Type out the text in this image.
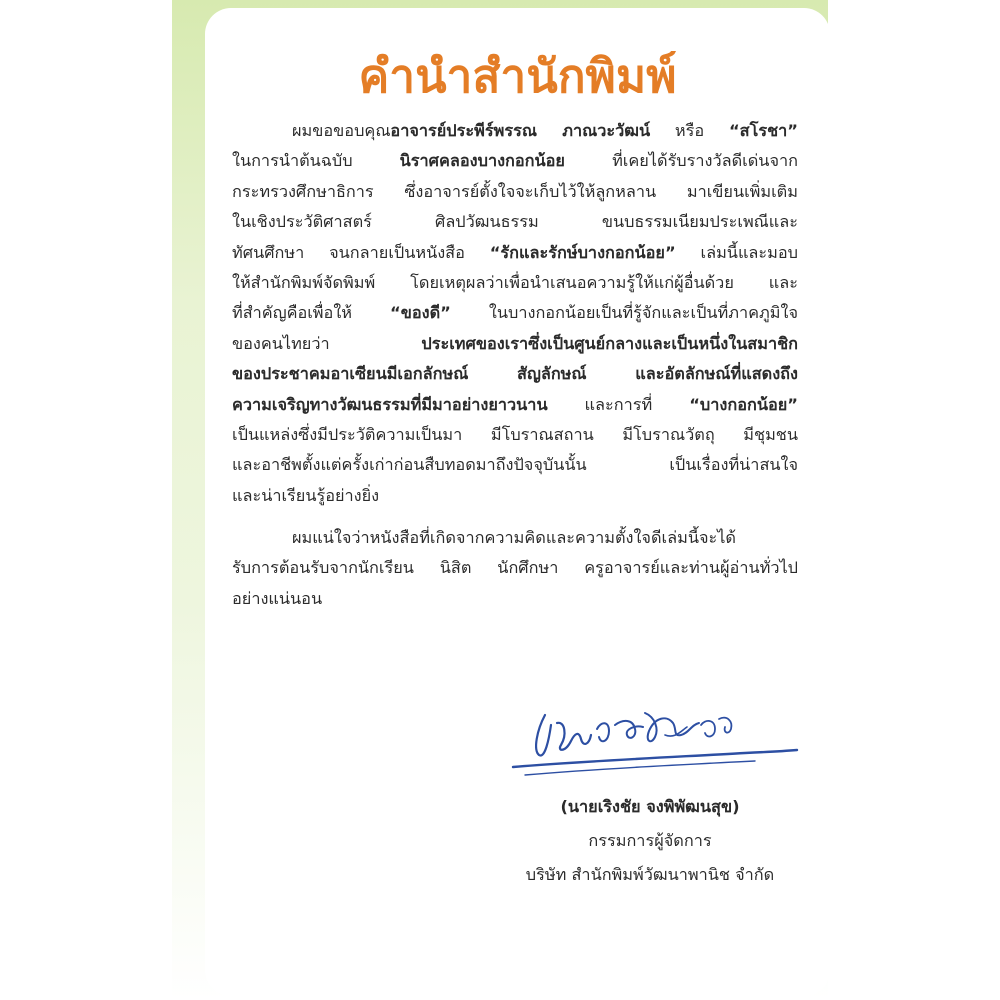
คำนำสำนักพิมพ์
ผมขอขอบคุณอาจารย์ประพีร์พรรณ ภาณวะวัฒน์ หรือ “สโรชา”
ในการนำต้นฉบับ นิราศคลองบางกอกน้อย ที่เคยได้รับรางวัลดีเด่นจาก
กระทรวงศึกษาธิการ ซึ่งอาจารย์ตั้งใจจะเก็บไว้ให้ลูกหลาน มาเขียนเพิ่มเติม
ในเชิงประวัติศาสตร์ ศิลปวัฒนธรรม ขนบธรรมเนียมประเพณีและ
ทัศนศึกษา จนกลายเป็นหนังสือ “รักและรักษ์บางกอกน้อย” เล่มนี้และมอบ
ให้สำนักพิมพ์จัดพิมพ์ โดยเหตุผลว่าเพื่อนำเสนอความรู้ให้แก่ผู้อื่นด้วย และ
ที่สำคัญคือเพื่อให้ “ของดี” ในบางกอกน้อยเป็นที่รู้จักและเป็นที่ภาคภูมิใจ
ของคนไทยว่า ประเทศของเราซึ่งเป็นศูนย์กลางและเป็นหนึ่งในสมาชิก
ของประชาคมอาเซียนมีเอกลักษณ์ สัญลักษณ์ และอัตลักษณ์ที่แสดงถึง
ความเจริญทางวัฒนธรรมที่มีมาอย่างยาวนาน และการที่ “บางกอกน้อย”
เป็นแหล่งซึ่งมีประวัติความเป็นมา มีโบราณสถาน มีโบราณวัตถุ มีชุมชน
และอาชีพตั้งแต่ครั้งเก่าก่อนสืบทอดมาถึงปัจจุบันนั้น เป็นเรื่องที่น่าสนใจ
และน่าเรียนรู้อย่างยิ่ง
ผมแน่ใจว่าหนังสือที่เกิดจากความคิดและความตั้งใจดีเล่มนี้จะได้
รับการต้อนรับจากนักเรียน นิสิต นักศึกษา ครูอาจารย์และท่านผู้อ่านทั่วไป
อย่างแน่นอน
(นายเริงชัย จงพิพัฒนสุข)
กรรมการผู้จัดการ
บริษัท สำนักพิมพ์วัฒนาพานิช จำกัด
